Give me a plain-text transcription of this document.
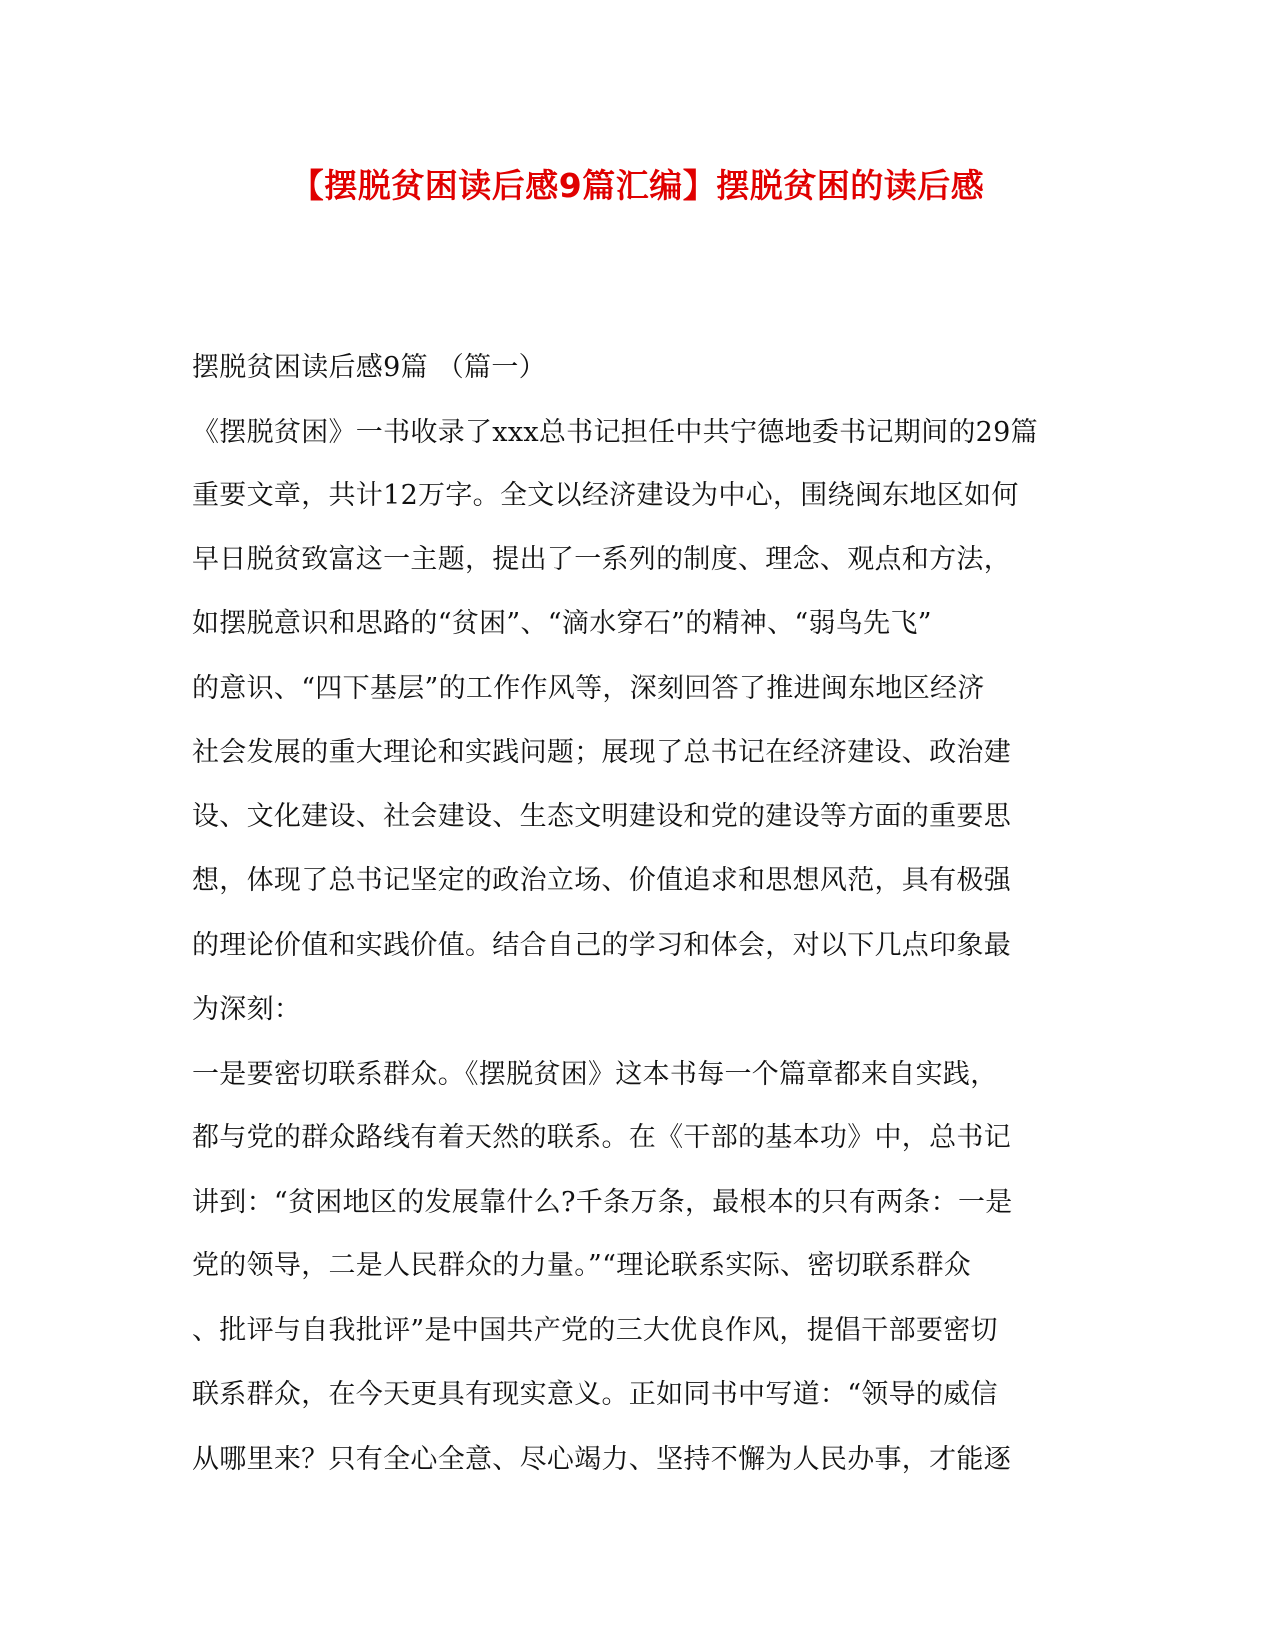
【摆脱贫困读后感9篇汇编】摆脱贫困的读后感
摆脱贫困读后感9篇 （篇一）
《摆脱贫困》一书收录了xxx总书记担任中共宁德地委书记期间的29篇
重要文章，共计12万字。全文以经济建设为中心，围绕闽东地区如何
早日脱贫致富这一主题，提出了一系列的制度、理念、观点和方法，
如摆脱意识和思路的“贫困”、“滴水穿石”的精神、“弱鸟先飞”
的意识、“四下基层”的工作作风等，深刻回答了推进闽东地区经济
社会发展的重大理论和实践问题；展现了总书记在经济建设、政治建
设、文化建设、社会建设、生态文明建设和党的建设等方面的重要思
想，体现了总书记坚定的政治立场、价值追求和思想风范，具有极强
的理论价值和实践价值。结合自己的学习和体会，对以下几点印象最
为深刻：
一是要密切联系群众。《摆脱贫困》这本书每一个篇章都来自实践，
都与党的群众路线有着天然的联系。在《干部的基本功》中，总书记
讲到：“贫困地区的发展靠什么?千条万条，最根本的只有两条：一是
党的领导，二是人民群众的力量。”“理论联系实际、密切联系群众
、批评与自我批评”是中国共产党的三大优良作风，提倡干部要密切
联系群众，在今天更具有现实意义。正如同书中写道：“领导的威信
从哪里来？只有全心全意、尽心竭力、坚持不懈为人民办事，才能逐
